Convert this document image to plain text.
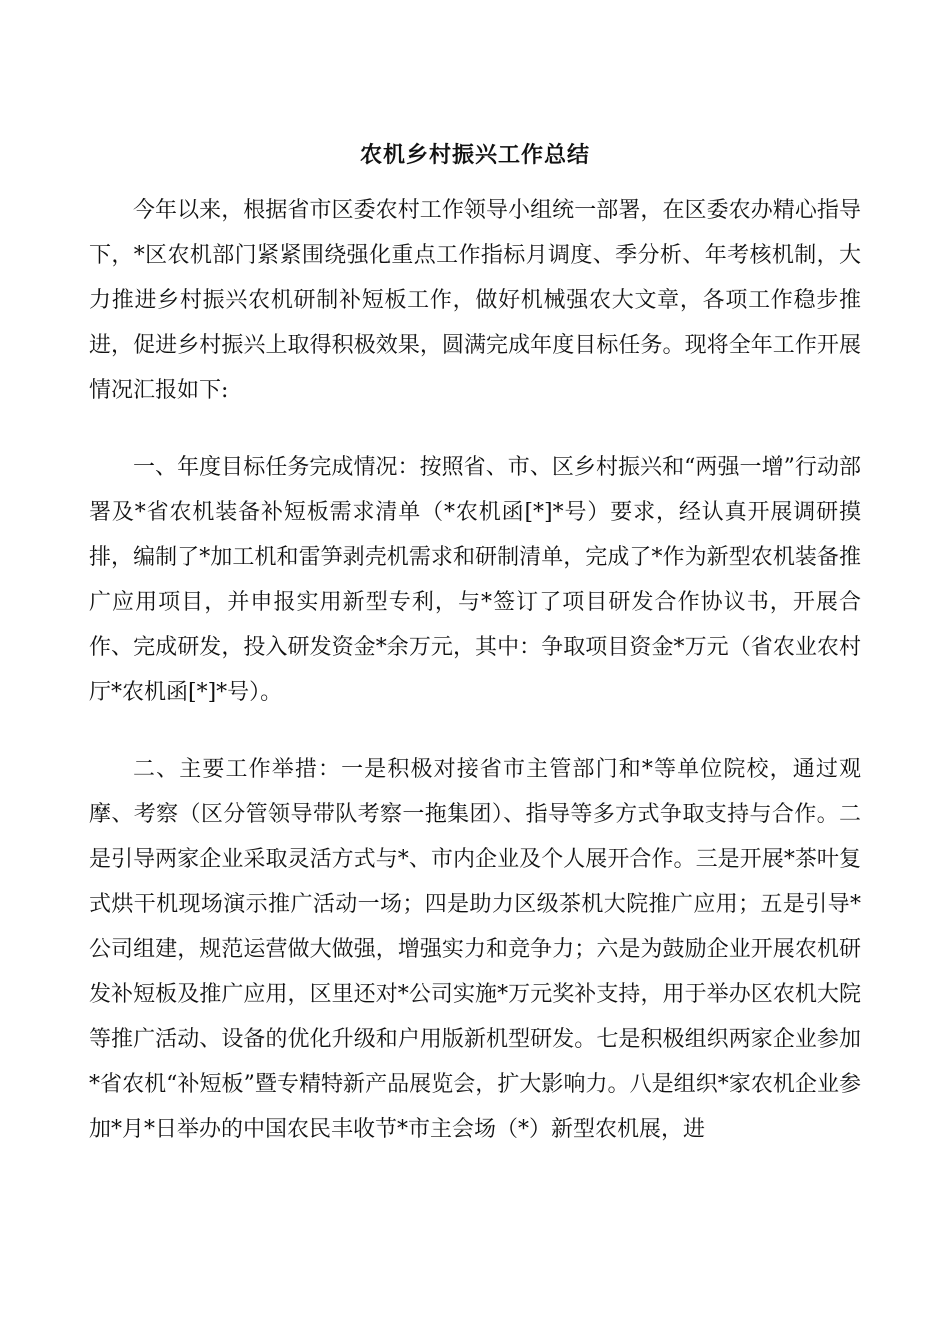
农机乡村振兴工作总结

今年以来，根据省市区委农村工作领导小组统一部署，在区委农办精心指导下，*区农机部门紧紧围绕强化重点工作指标月调度、季分析、年考核机制，大力推进乡村振兴农机研制补短板工作，做好机械强农大文章，各项工作稳步推进，促进乡村振兴上取得积极效果，圆满完成年度目标任务。现将全年工作开展情况汇报如下:

一、年度目标任务完成情况：按照省、市、区乡村振兴和“两强一增”行动部署及*省农机装备补短板需求清单（*农机函[*]*号）要求，经认真开展调研摸排，编制了*加工机和雷笋剥壳机需求和研制清单，完成了*作为新型农机装备推广应用项目，并申报实用新型专利，与*签订了项目研发合作协议书，开展合作、完成研发，投入研发资金*余万元，其中：争取项目资金*万元（省农业农村厅*农机函[*]*号）。

二、主要工作举措：一是积极对接省市主管部门和*等单位院校，通过观摩、考察（区分管领导带队考察一拖集团）、指导等多方式争取支持与合作。二是引导两家企业采取灵活方式与*、市内企业及个人展开合作。三是开展*茶叶复式烘干机现场演示推广活动一场；四是助力区级茶机大院推广应用；五是引导*公司组建，规范运营做大做强，增强实力和竞争力；六是为鼓励企业开展农机研发补短板及推广应用，区里还对*公司实施*万元奖补支持，用于举办区农机大院等推广活动、设备的优化升级和户用版新机型研发。七是积极组织两家企业参加*省农机“补短板”暨专精特新产品展览会，扩大影响力。八是组织*家农机企业参加*月*日举办的中国农民丰收节*市主会场（*）新型农机展，进
